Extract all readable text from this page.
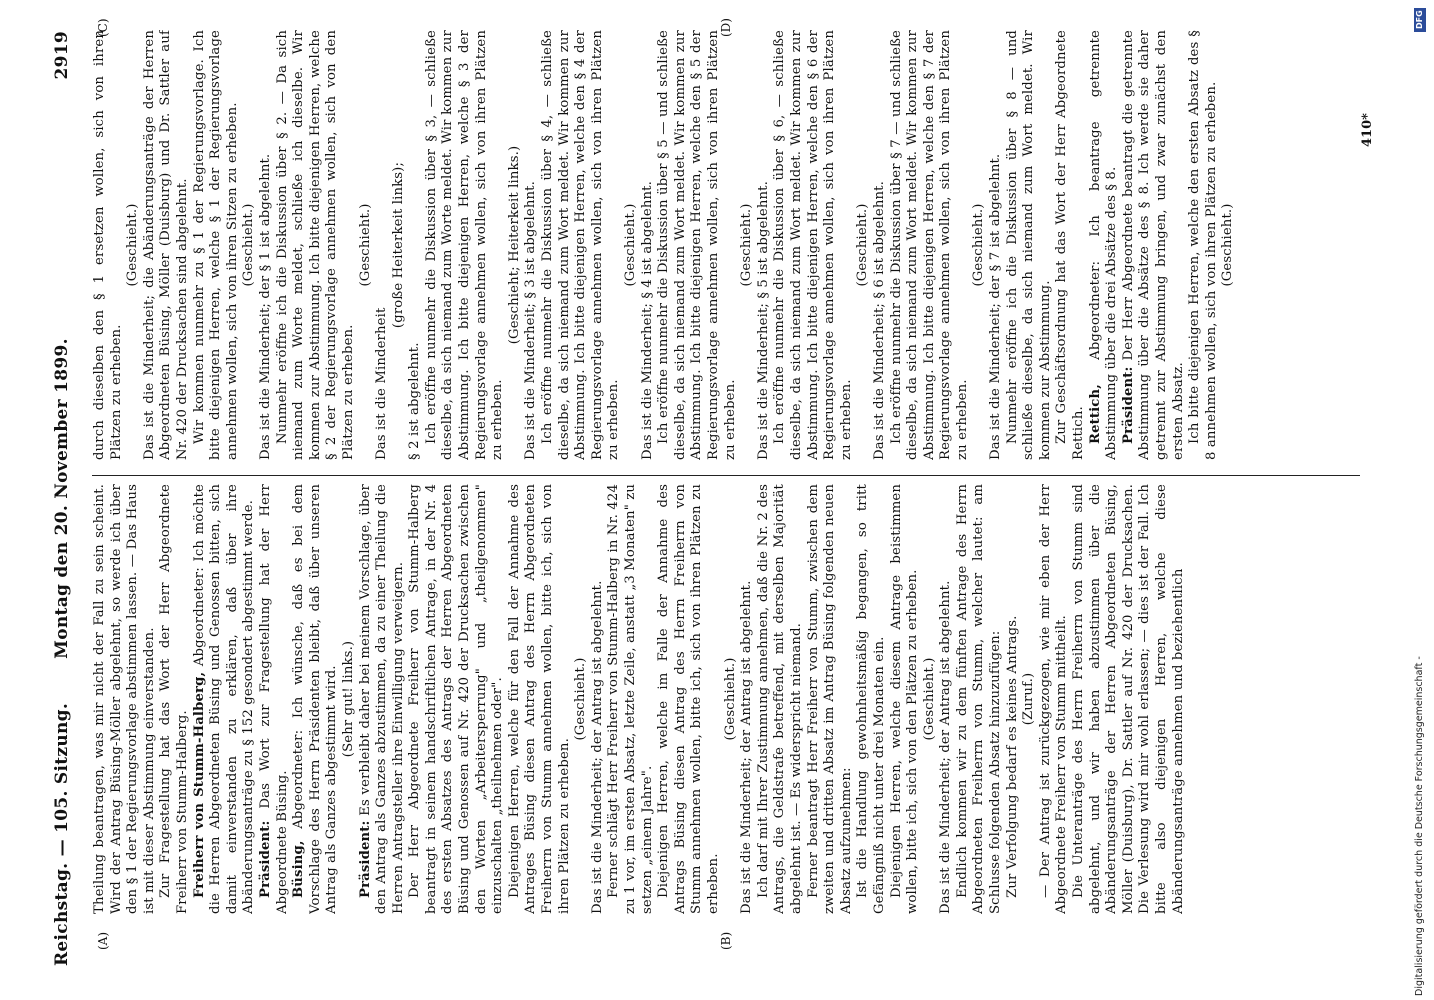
Reichstag. — 105. Sitzung.
Montag den 20. November 1899.
2919
(A)	(B)
(C)	(D)

Theilung beantragen, was mir nicht der Fall zu sein scheint. Wird der Antrag Büsing-Möller abgelehnt, so werde ich über den § 1 der Regierungsvorlage abstimmen lassen. — Das Haus ist mit dieser Abstimmung einverstanden. Zur Fragestellung hat das Wort der Herr Abgeordnete Freiherr von Stumm-Halberg. Freiherr von Stumm-Halberg, Abgeordneter: Ich möchte die Herren Abgeordneten Büsing und Genossen bitten, sich damit einverstanden zu erklären, daß über ihre Abänderungsanträge zu § 152 gesondert abgestimmt werde. Präsident: Das Wort zur Fragestellung hat der Herr Abgeordnete Büsing. Büsing, Abgeordneter: Ich wünsche, daß es bei dem Vorschlage des Herrn Präsidenten bleibt, daß über unseren Antrag als Ganzes abgestimmt wird. (Sehr gut! links.)

Präsident: Es verbleibt daher bei meinem Vorschlage, über den Antrag als Ganzes abzustimmen, da zu einer Theilung die Herren Antragsteller ihre Einwilligung verweigern. Der Herr Abgeordnete Freiherr von Stumm-Halberg beantragt in seinem handschriftlichen Antrage, in der Nr. 4 des ersten Absatzes des Antrags der Herren Abgeordneten Büsing und Genossen auf Nr. 420 der Drucksachen zwischen den Worten „Arbeitersperrung" und „theilgenommen" einzuschalten „theilnehmen oder". Diejenigen Herren, welche für den Fall der Annahme des Antrages Büsing diesen Antrag des Herrn Abgeordneten Freiherrn von Stumm annehmen wollen, bitte ich, sich von ihren Plätzen zu erheben.

(Geschieht.) Das ist die Minderheit; der Antrag ist abgelehnt. Ferner schlägt Herr Freiherr von Stumm-Halberg in Nr. 424 zu 1 vor, im ersten Absatz, letzte Zeile, anstatt „3 Monaten" zu setzen „einem Jahre". Diejenigen Herren, welche im Falle der Annahme des Antrags Büsing diesen Antrag des Herrn Freiherrn von Stumm annehmen wollen, bitte ich, sich von ihren Plätzen zu erheben.

(Geschieht.) Das ist die Minderheit; der Antrag ist abgelehnt. Ich darf mit Ihrer Zustimmung annehmen, daß die Nr. 2 des Antrags, die Geldstrafe betreffend, mit derselben Majorität abgelehnt ist. — Es widerspricht niemand. Ferner beantragt Herr Freiherr von Stumm, zwischen dem zweiten und dritten Absatz im Antrag Büsing folgenden neuen Absatz aufzunehmen: Ist die Handlung gewohnheitsmäßig begangen, so tritt Gefängniß nicht unter drei Monaten ein. Diejenigen Herren, welche diesem Antrage beistimmen wollen, bitte ich, sich von den Plätzen zu erheben. (Geschieht.) Das ist die Minderheit; der Antrag ist abgelehnt. Endlich kommen wir zu dem fünften Antrage des Herrn Abgeordneten Freiherrn von Stumm, welcher lautet: am Schlusse folgenden Absatz hinzuzufügen: Zur Verfolgung bedarf es keines Antrags. (Zuruf.) — Der Antrag ist zurückgezogen, wie mir eben der Herr Abgeordnete Freiherr von Stumm mittheilt. Die Unteranträge des Herrn Freiherrn von Stumm sind abgelehnt, und wir haben abzustimmen über die Abänderungsanträge der Herren Abgeordneten Büsing, Möller (Duisburg), Dr. Sattler auf Nr. 420 der Drucksachen. Die Verlesung wird mir wohl erlassen; — dies ist der Fall. Ich bitte also diejenigen Herren, welche diese Abänderungsanträge annehmen und beziehentlich

durch dieselben den § 1 ersetzen wollen, sich von ihren Plätzen zu erheben.

(Geschieht.) Das ist die Minderheit; die Abänderungsanträge der Herren Abgeordneten Büsing, Möller (Duisburg) und Dr. Sattler auf Nr. 420 der Drucksachen sind abgelehnt. Wir kommen nunmehr zu § 1 der Regierungsvorlage. Ich bitte diejenigen Herren, welche § 1 der Regierungsvorlage annehmen wollen, sich von ihren Sitzen zu erheben. (Geschieht.) Das ist die Minderheit; der § 1 ist abgelehnt. Nunmehr eröffne ich die Diskussion über § 2. — Da sich niemand zum Worte meldet, schließe ich dieselbe. Wir kommen zur Abstimmung. Ich bitte diejenigen Herren, welche § 2 der Regierungsvorlage annehmen wollen, sich von den Plätzen zu erheben.

(Geschieht.)

Das ist die Minderheit

(große Heiterkeit links);

§ 2 ist abgelehnt. Ich eröffne nunmehr die Diskussion über § 3, — schließe dieselbe, da sich niemand zum Worte meldet. Wir kommen zur Abstimmung. Ich bitte diejenigen Herren, welche § 3 der Regierungsvorlage annehmen wollen, sich von ihren Plätzen zu erheben.

(Geschieht; Heiterkeit links.) Das ist die Minderheit; § 3 ist abgelehnt. Ich eröffne nunmehr die Diskussion über § 4, — schließe dieselbe, da sich niemand zum Wort meldet. Wir kommen zur Abstimmung. Ich bitte diejenigen Herren, welche den § 4 der Regierungsvorlage annehmen wollen, sich von ihren Plätzen zu erheben.

(Geschieht.) Das ist die Minderheit; § 4 ist abgelehnt. Ich eröffne nunmehr die Diskussion über § 5 — und schließe dieselbe, da sich niemand zum Wort meldet. Wir kommen zur Abstimmung. Ich bitte diejenigen Herren, welche den § 5 der Regierungsvorlage annehmen wollen, sich von ihren Plätzen zu erheben.

(Geschieht.) Das ist die Minderheit; § 5 ist abgelehnt. Ich eröffne nunmehr die Diskussion über § 6, — schließe dieselbe, da sich niemand zum Wort meldet. Wir kommen zur Abstimmung. Ich bitte diejenigen Herren, welche den § 6 der Regierungsvorlage annehmen wollen, sich von ihren Plätzen zu erheben.

(Geschieht.) Das ist die Minderheit; § 6 ist abgelehnt. Ich eröffne nunmehr die Diskussion über § 7 — und schließe dieselbe, da sich niemand zum Wort meldet. Wir kommen zur Abstimmung. Ich bitte diejenigen Herren, welche den § 7 der Regierungsvorlage annehmen wollen, sich von ihren Plätzen zu erheben.

(Geschieht.) Das ist die Minderheit; der § 7 ist abgelehnt. Nunmehr eröffne ich die Diskussion über § 8 — und schließe dieselbe, da sich niemand zum Wort meldet. Wir kommen zur Abstimmung. Zur Geschäftsordnung hat das Wort der Herr Abgeordnete Rettich. Rettich, Abgeordneter: Ich beantrage getrennte Abstimmung über die drei Absätze des § 8. Präsident: Der Herr Abgeordnete beantragt die getrennte Abstimmung über die Absätze des § 8. Ich werde sie daher getrennt zur Abstimmung bringen, und zwar zunächst den ersten Absatz. Ich bitte diejenigen Herren, welche den ersten Absatz des § 8 annehmen wollen, sich von ihren Plätzen zu erheben. (Geschieht.)

410*
DFG
Digitalisierung gefördert durch die Deutsche Forschungsgemeinschaft -
